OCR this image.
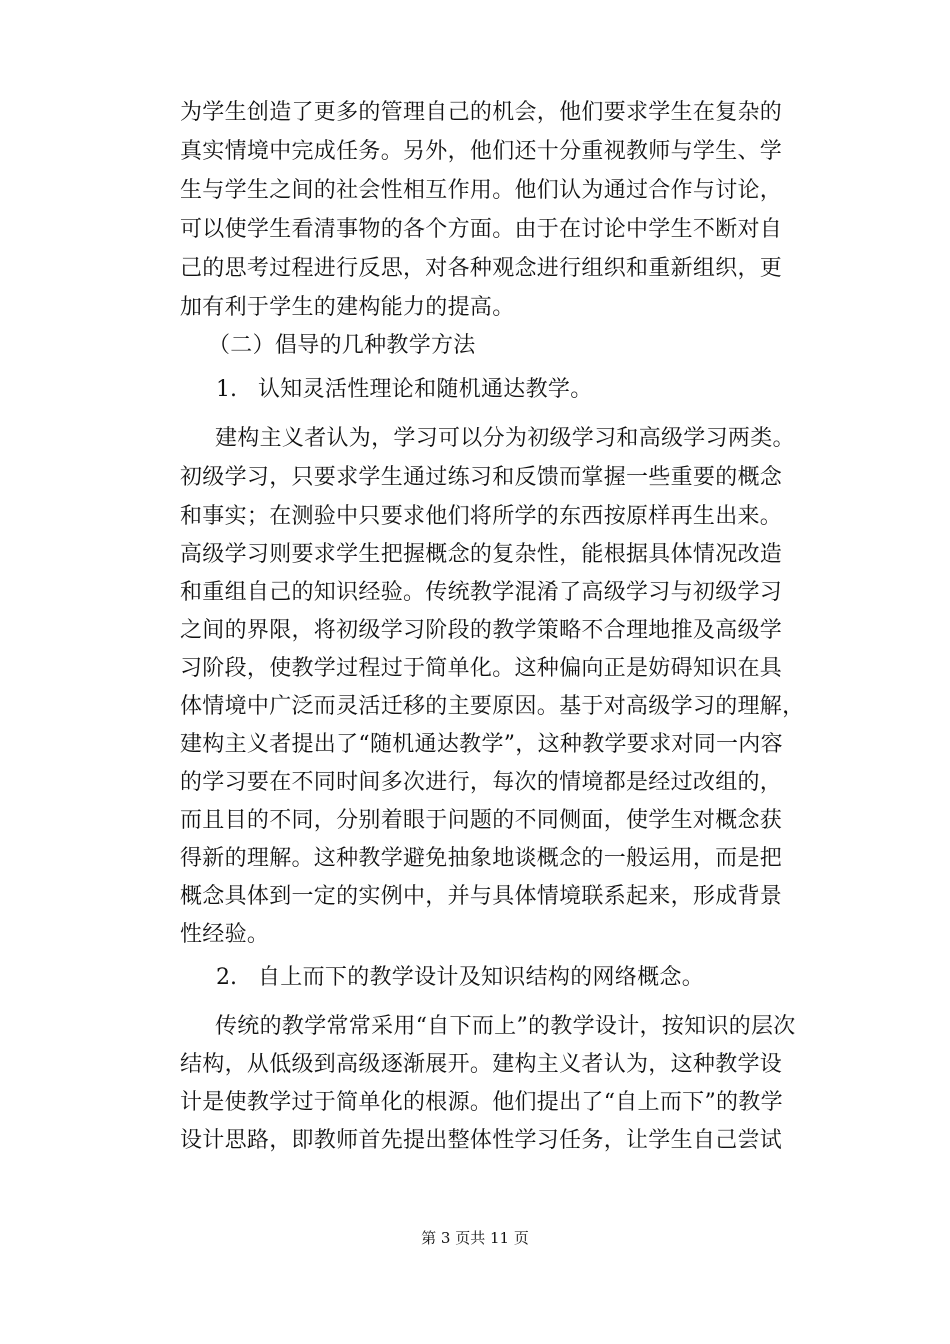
为学生创造了更多的管理自己的机会，他们要求学生在复杂的
真实情境中完成任务。另外，他们还十分重视教师与学生、学
生与学生之间的社会性相互作用。他们认为通过合作与讨论，
可以使学生看清事物的各个方面。由于在讨论中学生不断对自
己的思考过程进行反思，对各种观念进行组织和重新组织，更
加有利于学生的建构能力的提高。
（二）倡导的几种教学方法
1. 认知灵活性理论和随机通达教学。
建构主义者认为，学习可以分为初级学习和高级学习两类。
初级学习，只要求学生通过练习和反馈而掌握一些重要的概念
和事实；在测验中只要求他们将所学的东西按原样再生出来。
高级学习则要求学生把握概念的复杂性，能根据具体情况改造
和重组自己的知识经验。传统教学混淆了高级学习与初级学习
之间的界限，将初级学习阶段的教学策略不合理地推及高级学
习阶段，使教学过程过于简单化。这种偏向正是妨碍知识在具
体情境中广泛而灵活迁移的主要原因。基于对高级学习的理解，
建构主义者提出了“随机通达教学”，这种教学要求对同一内容
的学习要在不同时间多次进行，每次的情境都是经过改组的，
而且目的不同，分别着眼于问题的不同侧面，使学生对概念获
得新的理解。这种教学避免抽象地谈概念的一般运用，而是把
概念具体到一定的实例中，并与具体情境联系起来，形成背景
性经验。
2. 自上而下的教学设计及知识结构的网络概念。
传统的教学常常采用“自下而上”的教学设计，按知识的层次
结构，从低级到高级逐渐展开。建构主义者认为，这种教学设
计是使教学过于简单化的根源。他们提出了“自上而下”的教学
设计思路，即教师首先提出整体性学习任务，让学生自己尝试
第 3 页共 11 页
